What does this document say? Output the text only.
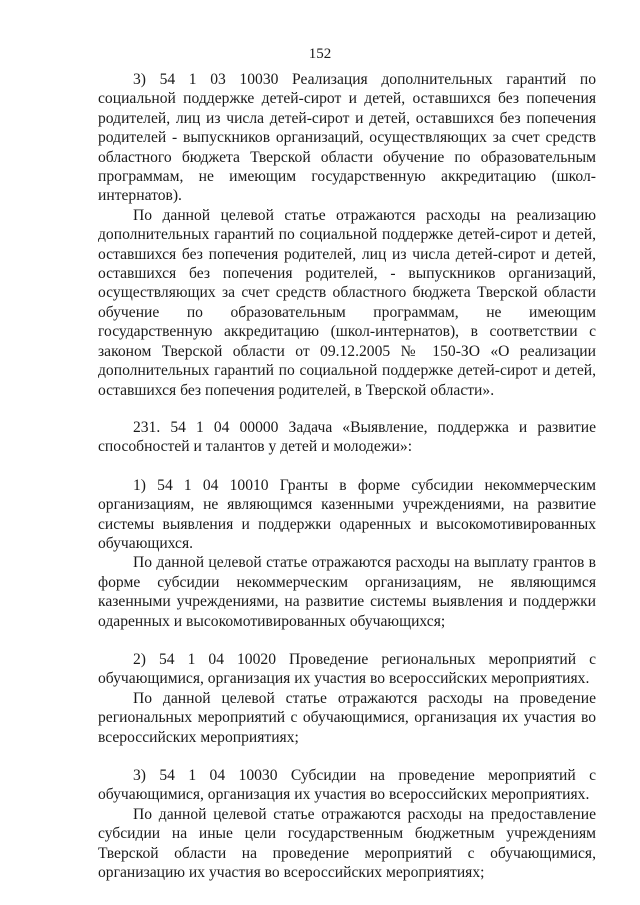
152

3) 54 1 03 10030 Реализация дополнительных гарантий по социальной поддержке детей-сирот и детей, оставшихся без попечения родителей, лиц из числа детей-сирот и детей, оставшихся без попечения родителей - выпускников организаций, осуществляющих за счет средств областного бюджета Тверской области обучение по образовательным программам, не имеющим государственную аккредитацию (школ-интернатов).

По данной целевой статье отражаются расходы на реализацию дополнительных гарантий по социальной поддержке детей-сирот и детей, оставшихся без попечения родителей, лиц из числа детей-сирот и детей, оставшихся без попечения родителей, - выпускников организаций, осуществляющих за счет средств областного бюджета Тверской области обучение по образовательным программам, не имеющим государственную аккредитацию (школ-интернатов), в соответствии с законом Тверской области от 09.12.2005 № 150-ЗО «О реализации дополнительных гарантий по социальной поддержке детей-сирот и детей, оставшихся без попечения родителей, в Тверской области».

231. 54 1 04 00000 Задача «Выявление, поддержка и развитие способностей и талантов у детей и молодежи»:

1) 54 1 04 10010 Гранты в форме субсидии некоммерческим организациям, не являющимся казенными учреждениями, на развитие системы выявления и поддержки одаренных и высокомотивированных обучающихся.

По данной целевой статье отражаются расходы на выплату грантов в форме субсидии некоммерческим организациям, не являющимся казенными учреждениями, на развитие системы выявления и поддержки одаренных и высокомотивированных обучающихся;

2) 54 1 04 10020 Проведение региональных мероприятий с обучающимися, организация их участия во всероссийских мероприятиях.

По данной целевой статье отражаются расходы на проведение региональных мероприятий с обучающимися, организация их участия во всероссийских мероприятиях;

3) 54 1 04 10030 Субсидии на проведение мероприятий с обучающимися, организация их участия во всероссийских мероприятиях.

По данной целевой статье отражаются расходы на предоставление субсидии на иные цели государственным бюджетным учреждениям Тверской области на проведение мероприятий с обучающимися, организацию их участия во всероссийских мероприятиях;
